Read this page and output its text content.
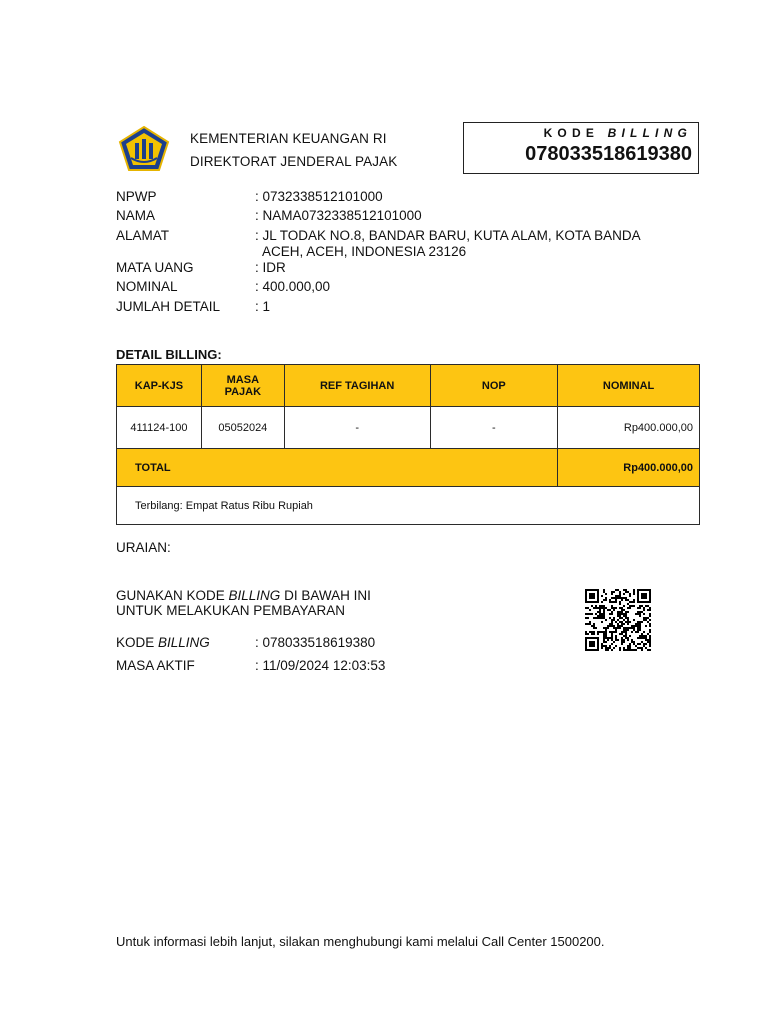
KEMENTERIAN KEUANGAN RI
DIREKTORAT JENDERAL PAJAK
KODE BILLING
078033518619380
NPWP	: 0732338512101000
NAMA	: NAMA0732338512101000
ALAMAT	: JL TODAK NO.8, BANDAR BARU, KUTA ALAM, KOTA BANDA
ACEH, ACEH, INDONESIA 23126
MATA UANG	: IDR
NOMINAL	: 400.000,00
JUMLAH DETAIL	: 1
DETAIL BILLING:
KAP-KJS	MASA PAJAK	REF TAGIHAN	NOP	NOMINAL
411124-100	05052024	-	-	Rp400.000,00
TOTAL				Rp400.000,00
Terbilang: Empat Ratus Ribu Rupiah				
URAIAN:
GUNAKAN KODE BILLING DI BAWAH INI
UNTUK MELAKUKAN PEMBAYARAN
KODE BILLING	: 078033518619380
MASA AKTIF	: 11/09/2024 12:03:53
Untuk informasi lebih lanjut, silakan menghubungi kami melalui Call Center 1500200.
